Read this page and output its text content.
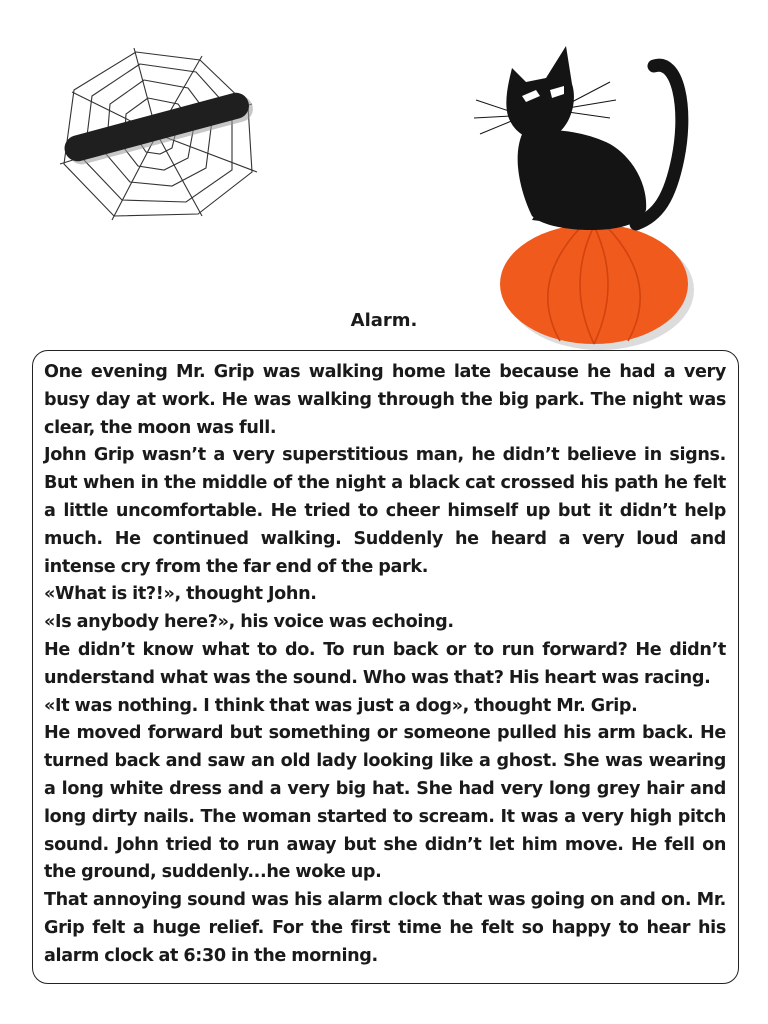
Alarm.

One evening Mr. Grip was walking home late because he had a very busy day at work. He was walking through the big park. The night was clear, the moon was full.

John Grip wasn’t a very superstitious man, he didn’t believe in signs. But when in the middle of the night a black cat crossed his path he felt a little uncomfortable. He tried to cheer himself up but it didn’t help much. He continued walking. Suddenly he heard a very loud and intense cry from the far end of the park.

«What is it?!», thought John.

«Is anybody here?», his voice was echoing.

He didn’t know what to do. To run back or to run forward? He didn’t understand what was the sound. Who was that? His heart was racing.

«It was nothing. I think that was just a dog», thought Mr. Grip.

He moved forward but something or someone pulled his arm back. He turned back and saw an old lady looking like a ghost. She was wearing a long white dress and a very big hat. She had very long grey hair and long dirty nails. The woman started to scream. It was a very high pitch sound. John tried to run away but she didn’t let him move. He fell on the ground, suddenly...he woke up.

That annoying sound was his alarm clock that was going on and on. Mr. Grip felt a huge relief. For the first time he felt so happy to hear his alarm clock at 6:30 in the morning.
